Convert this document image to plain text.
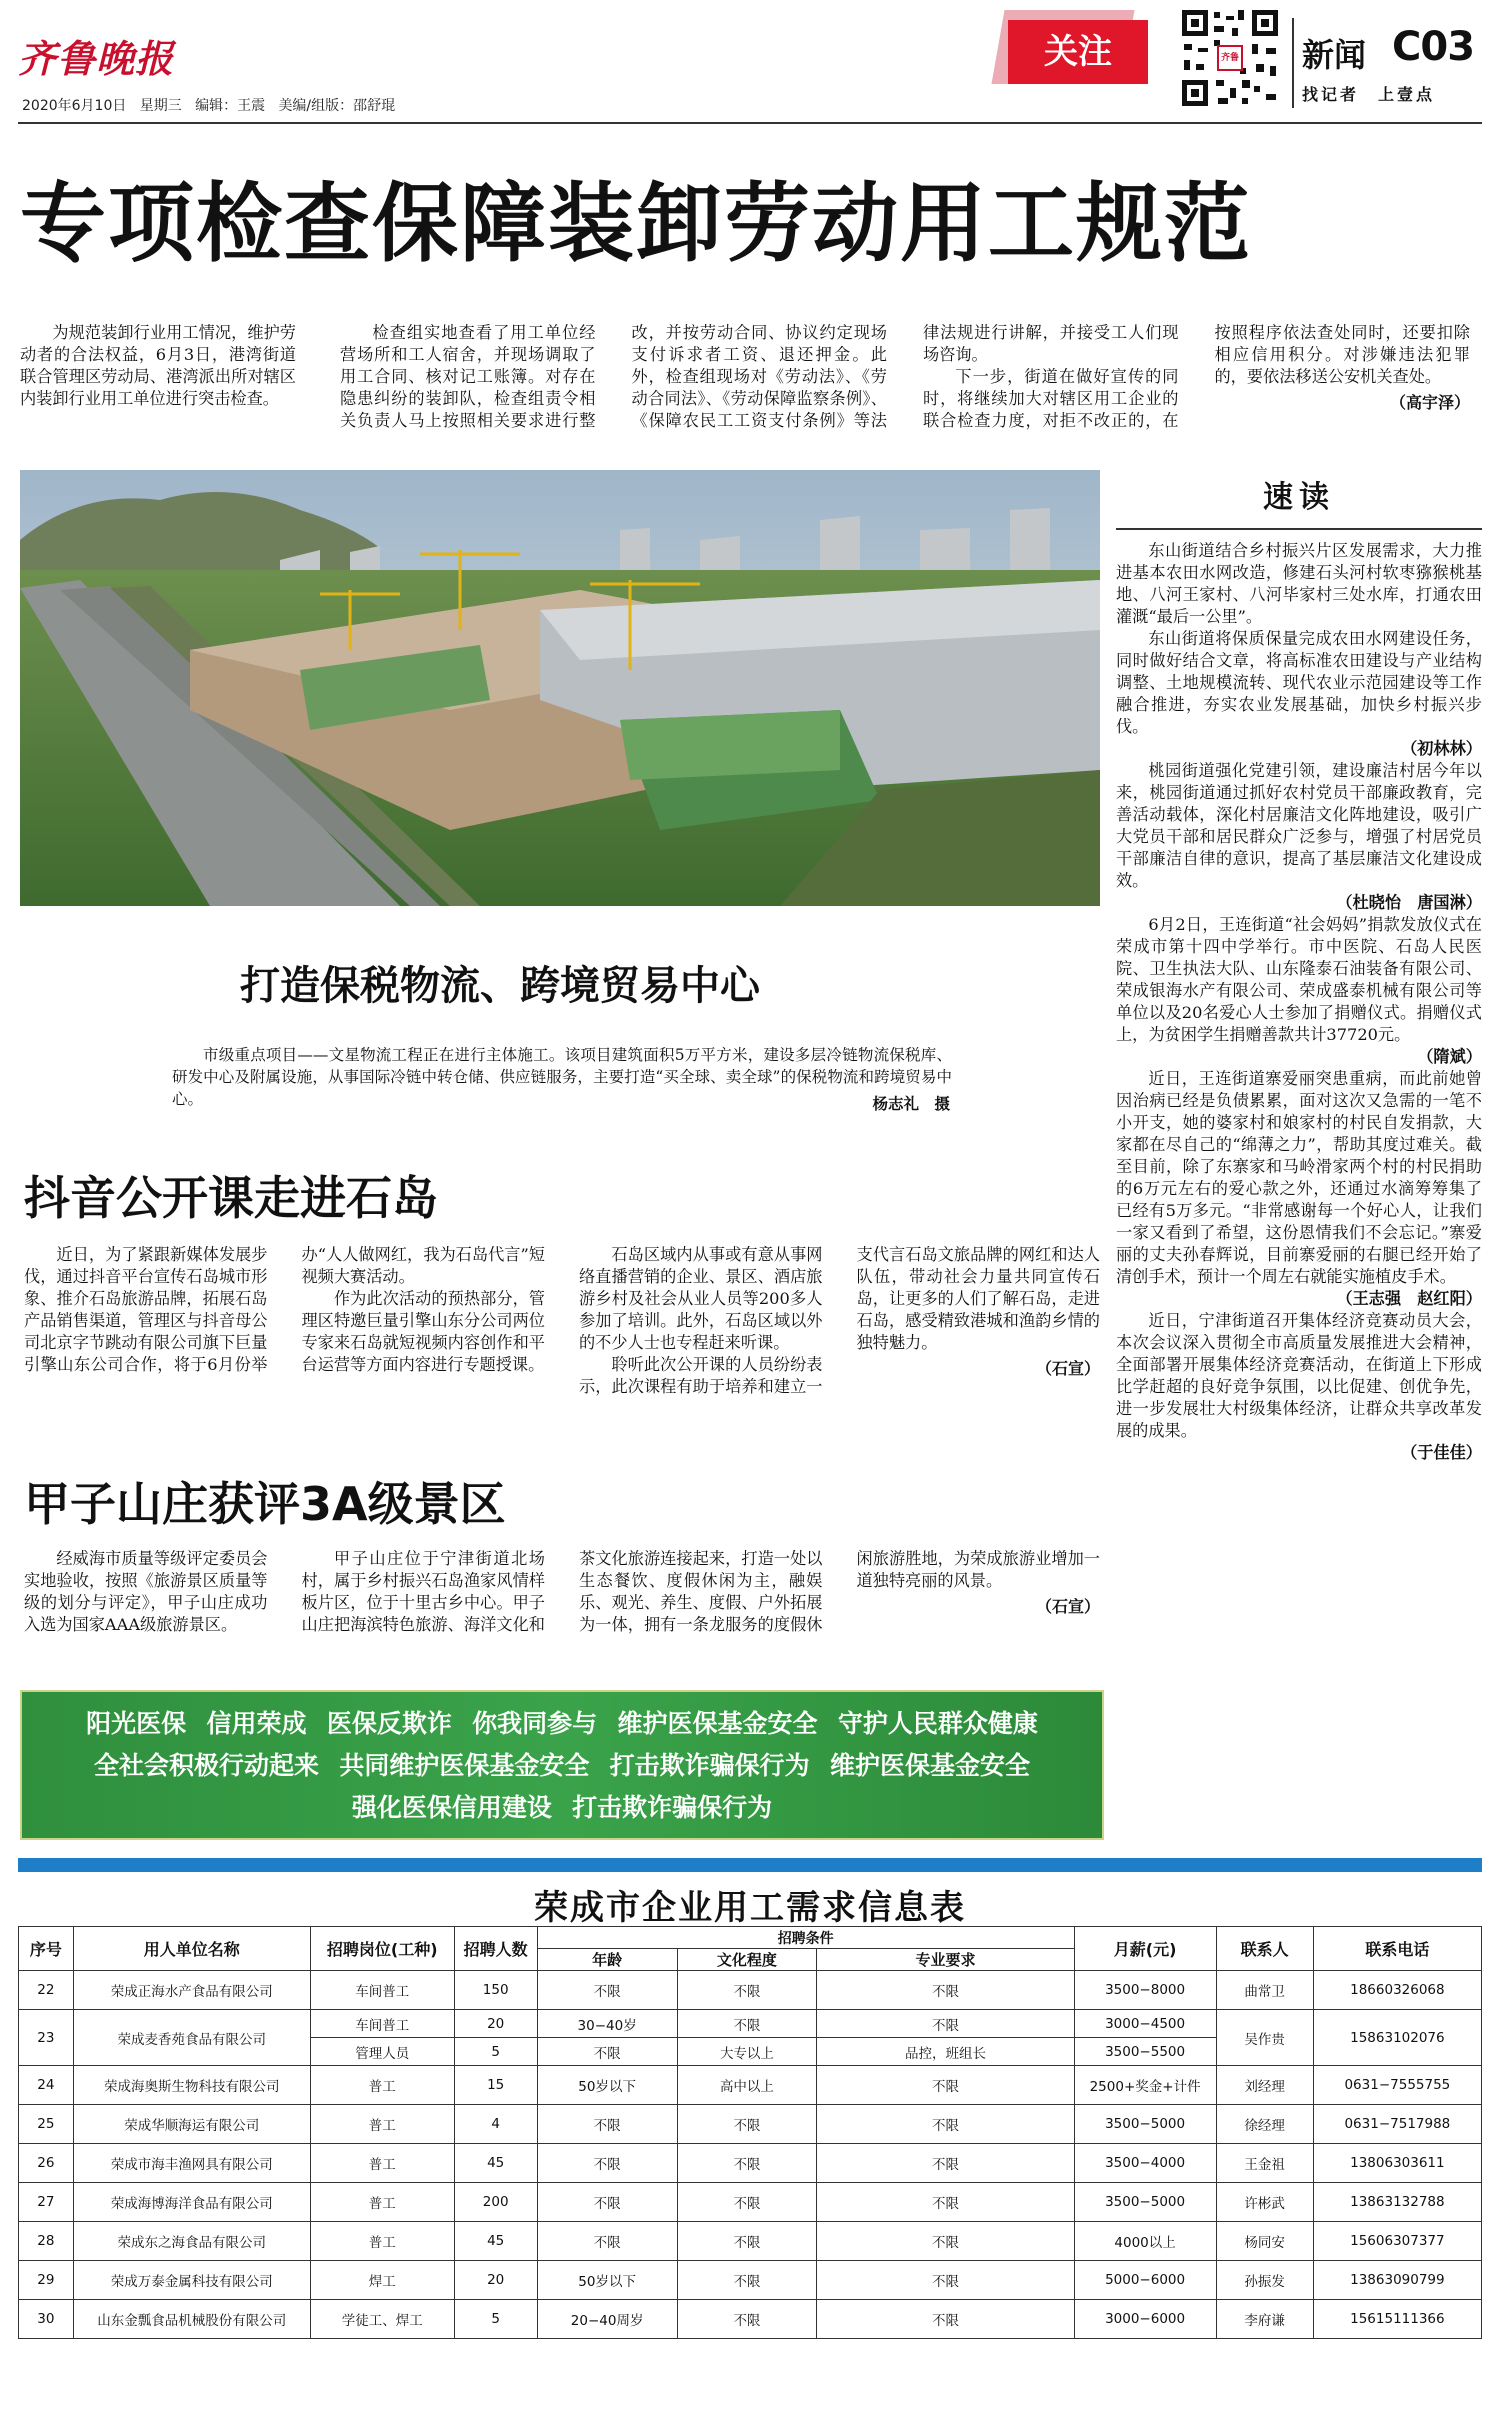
齐鲁晚报
2020年6月10日 星期三 编辑：王震 美编/组版：邵舒琨
关注	齐鲁 新闻 C03
找记者　上壹点
专项检查保障装卸劳动用工规范

为规范装卸行业用工情况，维护劳动者的合法权益，6月3日，港湾街道联合管理区劳动局、港湾派出所对辖区内装卸行业用工单位进行突击检查。

检查组实地查看了用工单位经营场所和工人宿舍，并现场调取了用工合同、核对记工账簿。对存在隐患纠纷的装卸队，检查组责令相关负责人马上按照相关要求进行整改，并按劳动合同、协议约定现场支付诉求者工资、退还押金。此外，检查组现场对《劳动法》、《劳动合同法》、《劳动保障监察条例》、《保障农民工工资支付条例》等法律法规进行讲解，并接受工人们现场咨询。

下一步，街道在做好宣传的同时，将继续加大对辖区用工企业的联合检查力度，对拒不改正的，在按照程序依法查处同时，还要扣除相应信用积分。对涉嫌违法犯罪的，要依法移送公安机关查处。

（高宇泽）

打造保税物流、跨境贸易中心

市级重点项目——文星物流工程正在进行主体施工。该项目建筑面积5万平方米，建设多层冷链物流保税库、研发中心及附属设施，从事国际冷链中转仓储、供应链服务，主要打造“买全球、卖全球”的保税物流和跨境贸易中心。	杨志礼　摄
抖音公开课走进石岛

近日，为了紧跟新媒体发展步伐，通过抖音平台宣传石岛城市形象、推介石岛旅游品牌，拓展石岛产品销售渠道，管理区与抖音母公司北京字节跳动有限公司旗下巨量引擎山东公司合作，将于6月份举办“人人做网红，我为石岛代言”短视频大赛活动。

作为此次活动的预热部分，管理区特邀巨量引擎山东分公司两位专家来石岛就短视频内容创作和平台运营等方面内容进行专题授课。

石岛区域内从事或有意从事网络直播营销的企业、景区、酒店旅游乡村及社会从业人员等200多人参加了培训。此外，石岛区域以外的不少人士也专程赶来听课。

聆听此次公开课的人员纷纷表示，此次课程有助于培养和建立一支代言石岛文旅品牌的网红和达人队伍，带动社会力量共同宣传石岛，让更多的人们了解石岛，走进石岛，感受精致港城和渔韵乡情的独特魅力。

（石宣）

甲子山庄获评3A级景区

经威海市质量等级评定委员会实地验收，按照《旅游景区质量等级的划分与评定》，甲子山庄成功入选为国家AAA级旅游景区。

甲子山庄位于宁津街道北场村，属于乡村振兴石岛渔家风情样板片区，位于十里古乡中心。甲子山庄把海滨特色旅游、海洋文化和茶文化旅游连接起来，打造一处以生态餐饮、度假休闲为主，融娱乐、观光、养生、度假、户外拓展为一体，拥有一条龙服务的度假休闲旅游胜地，为荣成旅游业增加一道独特亮丽的风景。

（石宣）

阳光医保 信用荣成 医保反欺诈 你我同参与 维护医保基金安全 守护人民群众健康
全社会积极行动起来 共同维护医保基金安全 打击欺诈骗保行为 维护医保基金安全
强化医保信用建设 打击欺诈骗保行为
速读

东山街道结合乡村振兴片区发展需求，大力推进基本农田水网改造，修建石头河村软枣猕猴桃基地、八河王家村、八河毕家村三处水库，打通农田灌溉“最后一公里”。

东山街道将保质保量完成农田水网建设任务，同时做好结合文章，将高标准农田建设与产业结构调整、土地规模流转、现代农业示范园建设等工作融合推进，夯实农业发展基础，加快乡村振兴步伐。

（初林林）

桃园街道强化党建引领，建设廉洁村居今年以来，桃园街道通过抓好农村党员干部廉政教育，完善活动载体，深化村居廉洁文化阵地建设，吸引广大党员干部和居民群众广泛参与，增强了村居党员干部廉洁自律的意识，提高了基层廉洁文化建设成效。

（杜晓怡　唐国淋）

6月2日，王连街道“社会妈妈”捐款发放仪式在荣成市第十四中学举行。市中医院、石岛人民医院、卫生执法大队、山东隆泰石油装备有限公司、荣成银海水产有限公司、荣成盛泰机械有限公司等单位以及20名爱心人士参加了捐赠仪式。捐赠仪式上，为贫困学生捐赠善款共计37720元。

（隋斌）

近日，王连街道寨爱丽突患重病，而此前她曾因治病已经是负债累累，面对这次又急需的一笔不小开支，她的婆家村和娘家村的村民自发捐款，大家都在尽自己的“绵薄之力”，帮助其度过难关。截至目前，除了东寨家和马岭滑家两个村的村民捐助的6万元左右的爱心款之外，还通过水滴筹筹集了已经有5万多元。“非常感谢每一个好心人，让我们一家又看到了希望，这份恩情我们不会忘记。”寨爱丽的丈夫孙春辉说，目前寨爱丽的右腿已经开始了清创手术，预计一个周左右就能实施植皮手术。

（王志强　赵红阳）

近日，宁津街道召开集体经济竞赛动员大会，本次会议深入贯彻全市高质量发展推进大会精神，全面部署开展集体经济竞赛活动，在街道上下形成比学赶超的良好竞争氛围，以比促建、创优争先，进一步发展壮大村级集体经济，让群众共享改革发展的成果。

（于佳佳）

荣成市企业用工需求信息表
序号	用人单位名称	招聘岗位(工种)	招聘人数	招聘条件			月薪(元)	联系人	联系电话
				年龄	文化程度	专业要求			
22	荣成正海水产食品有限公司	车间普工	150	不限	不限	不限	3500−8000	曲常卫	18660326068
23	荣成麦香苑食品有限公司	车间普工	20	30−40岁	不限	不限	3000−4500	吴作贵	15863102076
		管理人员	5	不限	大专以上	品控，班组长	3500−5500		
24	荣成海奥斯生物科技有限公司	普工	15	50岁以下	高中以上	不限	2500+奖金+计件	刘经理	0631−7555755
25	荣成华顺海运有限公司	普工	4	不限	不限	不限	3500−5000	徐经理	0631−7517988
26	荣成市海丰渔网具有限公司	普工	45	不限	不限	不限	3500−4000	王金祖	13806303611
27	荣成海博海洋食品有限公司	普工	200	不限	不限	不限	3500−5000	许彬武	13863132788
28	荣成东之海食品有限公司	普工	45	不限	不限	不限	4000以上	杨同安	15606307377
29	荣成万泰金属科技有限公司	焊工	20	50岁以下	不限	不限	5000−6000	孙振发	13863090799
30	山东金瓢食品机械股份有限公司	学徒工、焊工	5	20−40周岁	不限	不限	3000−6000	李府谦	15615111366
